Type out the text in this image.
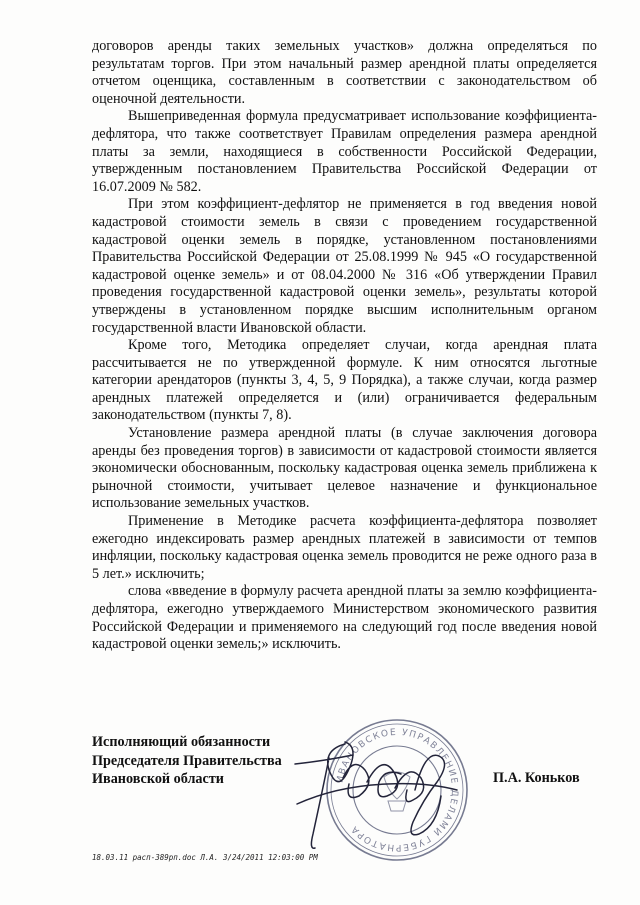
договоров аренды таких земельных участков» должна определяться по результатам торгов. При этом начальный размер арендной платы определяется отчетом оценщика, составленным в соответствии с законодательством об оценочной деятельности.

Вышеприведенная формула предусматривает использование коэффициента-дефлятора, что также соответствует Правилам определения размера арендной платы за земли, находящиеся в собственности Российской Федерации, утвержденным постановлением Правительства Российской Федерации от 16.07.2009 № 582.

При этом коэффициент-дефлятор не применяется в год введения новой кадастровой стоимости земель в связи с проведением государственной кадастровой оценки земель в порядке, установленном постановлениями Правительства Российской Федерации от 25.08.1999 № 945 «О государственной кадастровой оценке земель» и от 08.04.2000 № 316 «Об утверждении Правил проведения государственной кадастровой оценки земель», результаты которой утверждены в установленном порядке высшим исполнительным органом государственной власти Ивановской области.

Кроме того, Методика определяет случаи, когда арендная плата рассчитывается не по утвержденной формуле. К ним относятся льготные категории арендаторов (пункты 3, 4, 5, 9 Порядка), а также случаи, когда размер арендных платежей определяется и (или) ограничивается федеральным законодательством (пункты 7, 8).

Установление размера арендной платы (в случае заключения договора аренды без проведения торгов) в зависимости от кадастровой стоимости является экономически обоснованным, поскольку кадастровая оценка земель приближена к рыночной стоимости, учитывает целевое назначение и функциональное использование земельных участков.

Применение в Методике расчета коэффициента-дефлятора позволяет ежегодно индексировать размер арендных платежей в зависимости от темпов инфляции, поскольку кадастровая оценка земель проводится не реже одного раза в 5 лет.» исключить;

слова «введение в формулу расчета арендной платы за землю коэффициента-дефлятора, ежегодно утверждаемого Министерством экономического развития Российской Федерации и применяемого на следующий год после введения новой кадастровой оценки земель;» исключить.

Исполняющий обязанности
Председателя Правительства
Ивановской области	ИВАНОВСКОЕ УПРАВЛЕНИЕ ДЕЛАМИ ГУБЕРНАТОРА
П.А. Коньков
18.03.11 расп-389рп.doc Л.А. 3/24/2011 12:03:00 PM
